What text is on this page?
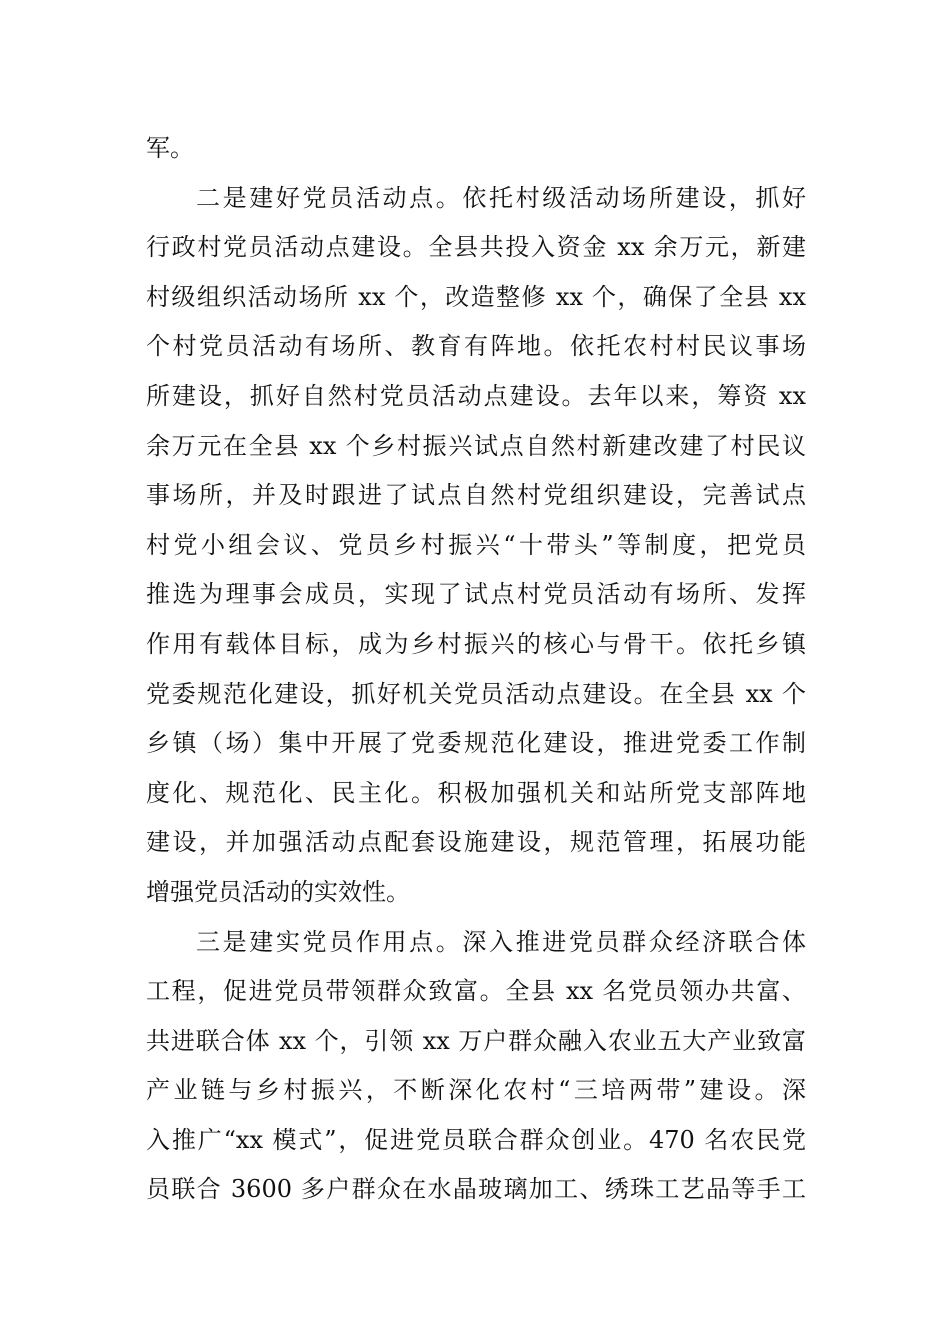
军。
二是建好党员活动点。依托村级活动场所建设，抓好
行政村党员活动点建设。全县共投入资金 xx 余万元，新建
村级组织活动场所 xx 个，改造整修 xx 个，确保了全县 xx
个村党员活动有场所、教育有阵地。依托农村村民议事场
所建设，抓好自然村党员活动点建设。去年以来，筹资 xx
余万元在全县 xx 个乡村振兴试点自然村新建改建了村民议
事场所，并及时跟进了试点自然村党组织建设，完善试点
村党小组会议、党员乡村振兴“十带头”等制度，把党员
推选为理事会成员，实现了试点村党员活动有场所、发挥
作用有载体目标，成为乡村振兴的核心与骨干。依托乡镇
党委规范化建设，抓好机关党员活动点建设。在全县 xx 个
乡镇（场）集中开展了党委规范化建设，推进党委工作制
度化、规范化、民主化。积极加强机关和站所党支部阵地
建设，并加强活动点配套设施建设，规范管理，拓展功能
增强党员活动的实效性。
三是建实党员作用点。深入推进党员群众经济联合体
工程，促进党员带领群众致富。全县 xx 名党员领办共富、
共进联合体 xx 个，引领 xx 万户群众融入农业五大产业致富
产业链与乡村振兴，不断深化农村“三培两带”建设。深
入推广“xx 模式”，促进党员联合群众创业。470 名农民党
员联合 3600 多户群众在水晶玻璃加工、绣珠工艺品等手工
